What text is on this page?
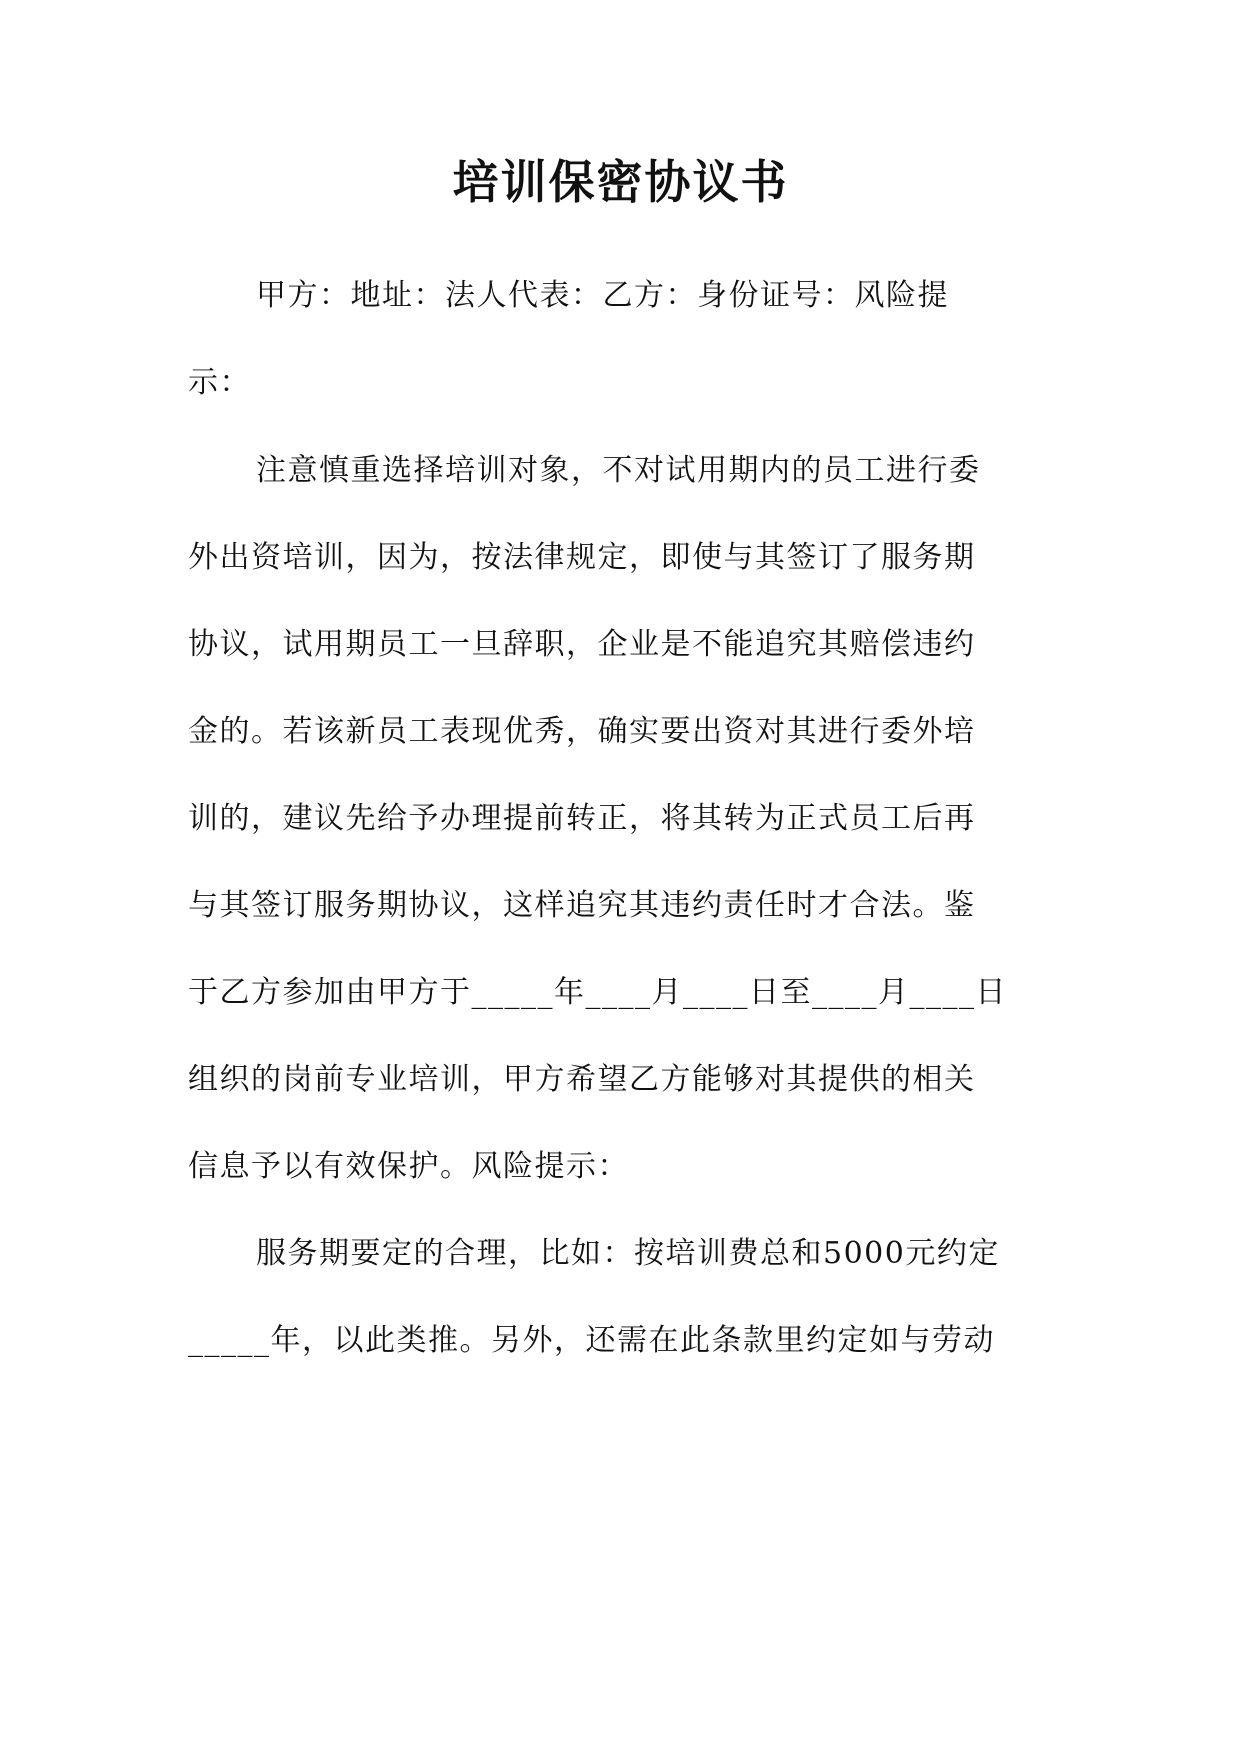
培训保密协议书
甲方：地址：法人代表：乙方：身份证号：风险提
示：
注意慎重选择培训对象，不对试用期内的员工进行委
外出资培训，因为，按法律规定，即使与其签订了服务期
协议，试用期员工一旦辞职，企业是不能追究其赔偿违约
金的。若该新员工表现优秀，确实要出资对其进行委外培
训的，建议先给予办理提前转正，将其转为正式员工后再
与其签订服务期协议，这样追究其违约责任时才合法。鉴
于乙方参加由甲方于_____年____月____日至____月____日
组织的岗前专业培训，甲方希望乙方能够对其提供的相关
信息予以有效保护。风险提示：
服务期要定的合理，比如：按培训费总和5000元约定
_____年，以此类推。另外，还需在此条款里约定如与劳动
